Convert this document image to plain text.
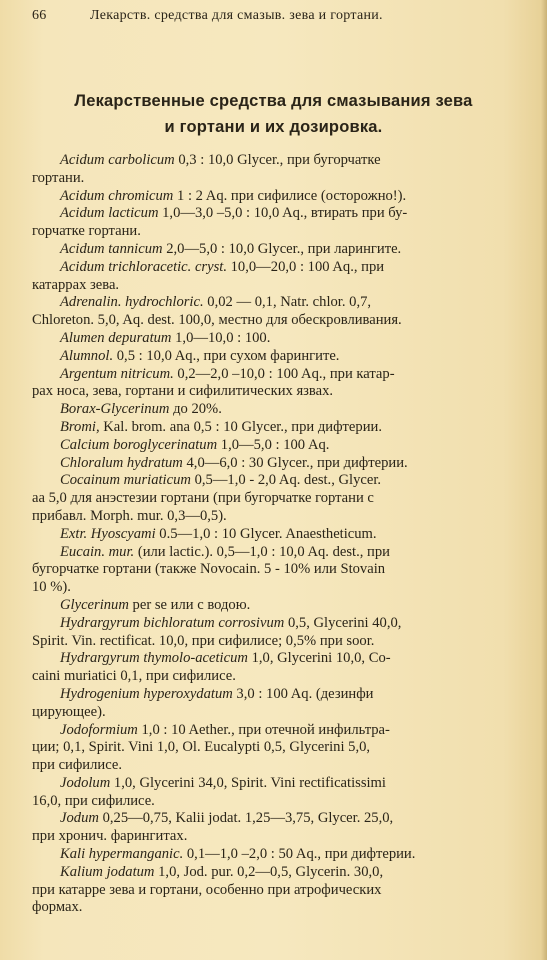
66	Лекарств. средства для смазыв. зева и гортани.
Лекарственные средства для смазывания зева
и гортани и их дозировка.
Acidum carbolicum 0,3 : 10,0 Glycer., при бугорчатке
гортани.
Acidum chromicum 1 : 2 Aq. при сифилисе (осторожно!).
Acidum lacticum 1,0—3,0 –5,0 : 10,0 Aq., втирать при бу-
горчатке гортани.
Acidum tannicum 2,0—5,0 : 10,0 Glycer., при ларингите.
Acidum trichloracetic. cryst. 10,0—20,0 : 100 Aq., при
катаррах зева.
Adrenalin. hydrochloric. 0,02 — 0,1, Natr. chlor. 0,7,
Chloreton. 5,0, Aq. dest. 100,0, местно для обескровливания.
Alumen depuratum 1,0—10,0 : 100.
Alumnol. 0,5 : 10,0 Aq., при сухом фарингите.
Argentum nitricum. 0,2—2,0 –10,0 : 100 Aq., при катар-
рах носа, зева, гортани и сифилитических язвах.
Borax-Glycerinum до 20%.
Bromi, Kal. brom. ana 0,5 : 10 Glycer., при дифтерии.
Calcium boroglycerinatum 1,0—5,0 : 100 Aq.
Chloralum hydratum 4,0—6,0 : 30 Glycer., при дифтерии.
Cocainum muriaticum 0,5—1,0 - 2,0 Aq. dest., Glycer.
аа 5,0 для анэстезии гортани (при бугорчатке гортани с
прибавл. Morph. mur. 0,3—0,5).
Extr. Hyoscyami 0.5—1,0 : 10 Glycer. Anaestheticum.
Eucain. mur. (или lactic.). 0,5—1,0 : 10,0 Aq. dest., при
бугорчатке гортани (также Novocain. 5 - 10% или Stovain
10 %).
Glycerinum per se или с водою.
Hydrargyrum bichloratum corrosivum 0,5, Glycerini 40,0,
Spirit. Vin. rectificat. 10,0, при сифилисе; 0,5% при soor.
Hydrargyrum thymolo-aceticum 1,0, Glycerini 10,0, Co-
caini muriatici 0,1, при сифилисе.
Hydrogenium hyperoxydatum 3,0 : 100 Aq. (дезинфи
цирующее).
Jodoformium 1,0 : 10 Aether., при отечной инфильтра-
ции; 0,1, Spirit. Vini 1,0, Ol. Eucalypti 0,5, Glycerini 5,0,
при сифилисе.
Jodolum 1,0, Glycerini 34,0, Spirit. Vini rectificatissimi
16,0, при сифилисе.
Jodum 0,25—0,75, Kalii jodat. 1,25—3,75, Glycer. 25,0,
при хронич. фарингитах.
Kali hypermanganic. 0,1—1,0 –2,0 : 50 Aq., при дифтерии.
Kalium jodatum 1,0, Jod. pur. 0,2—0,5, Glycerin. 30,0,
при катарре зева и гортани, особенно при атрофических
формах.
